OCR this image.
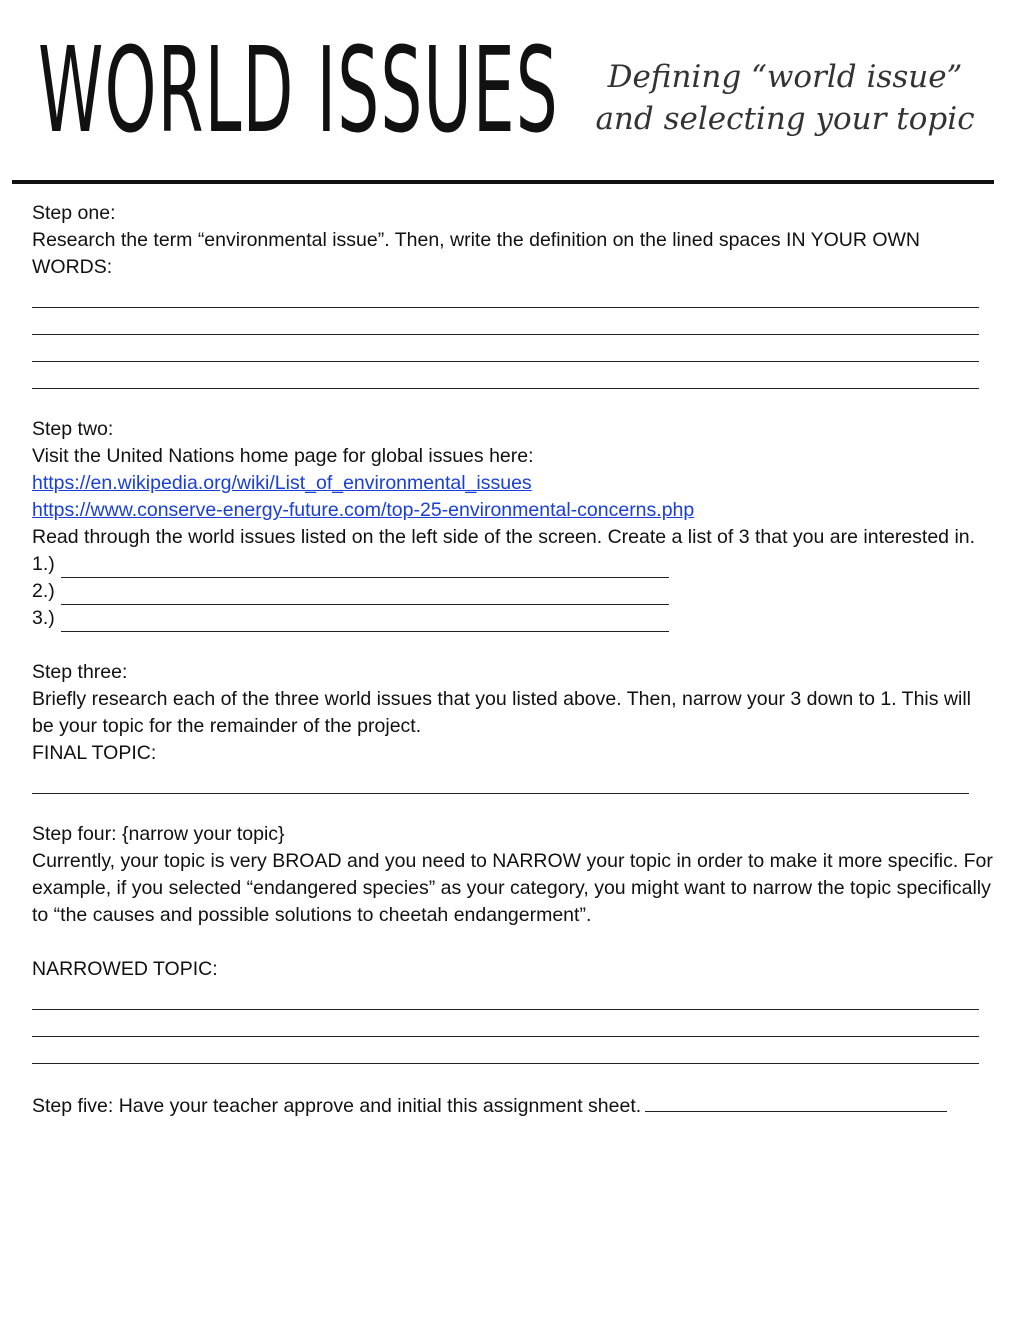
WORLD ISSUES	Defining “world issue”
and selecting your topic
Step one:
Research the term “environmental issue”. Then, write the definition on the lined spaces IN YOUR OWN WORDS:
Step two:
Visit the United Nations home page for global issues here:
https://en.wikipedia.org/wiki/List_of_environmental_issues
https://www.conserve-energy-future.com/top-25-environmental-concerns.php
Read through the world issues listed on the left side of the screen. Create a list of 3 that you are interested in.
1.)
2.)
3.)
Step three:
Briefly research each of the three world issues that you listed above. Then, narrow your 3 down to 1. This will be your topic for the remainder of the project.
FINAL TOPIC:
Step four: {narrow your topic}
Currently, your topic is very BROAD and you need to NARROW your topic in order to make it more specific. For example, if you selected “endangered species” as your category, you might want to narrow the topic specifically to “the causes and possible solutions to cheetah endangerment”.
NARROWED TOPIC:
Step five: Have your teacher approve and initial this assignment sheet.
